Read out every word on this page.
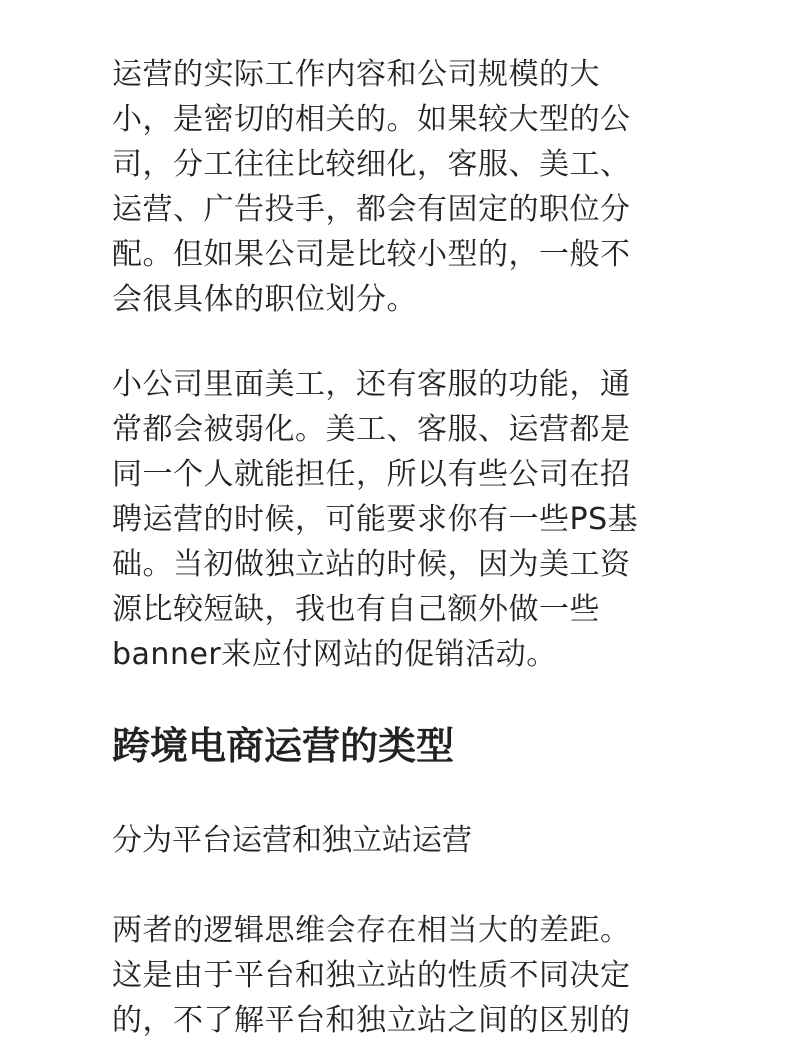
运营的实际工作内容和公司规模的大
小，是密切的相关的。如果较大型的公
司，分工往往比较细化，客服、美工、
运营、广告投手，都会有固定的职位分
配。但如果公司是比较小型的，一般不
会很具体的职位划分。

小公司里面美工，还有客服的功能，通
常都会被弱化。美工、客服、运营都是
同一个人就能担任，所以有些公司在招
聘运营的时候，可能要求你有一些PS基
础。当初做独立站的时候，因为美工资
源比较短缺，我也有自己额外做一些
banner来应付网站的促销活动。

跨境电商运营的类型
分为平台运营和独立站运营

两者的逻辑思维会存在相当大的差距。
这是由于平台和独立站的性质不同决定
的，不了解平台和独立站之间的区别的
